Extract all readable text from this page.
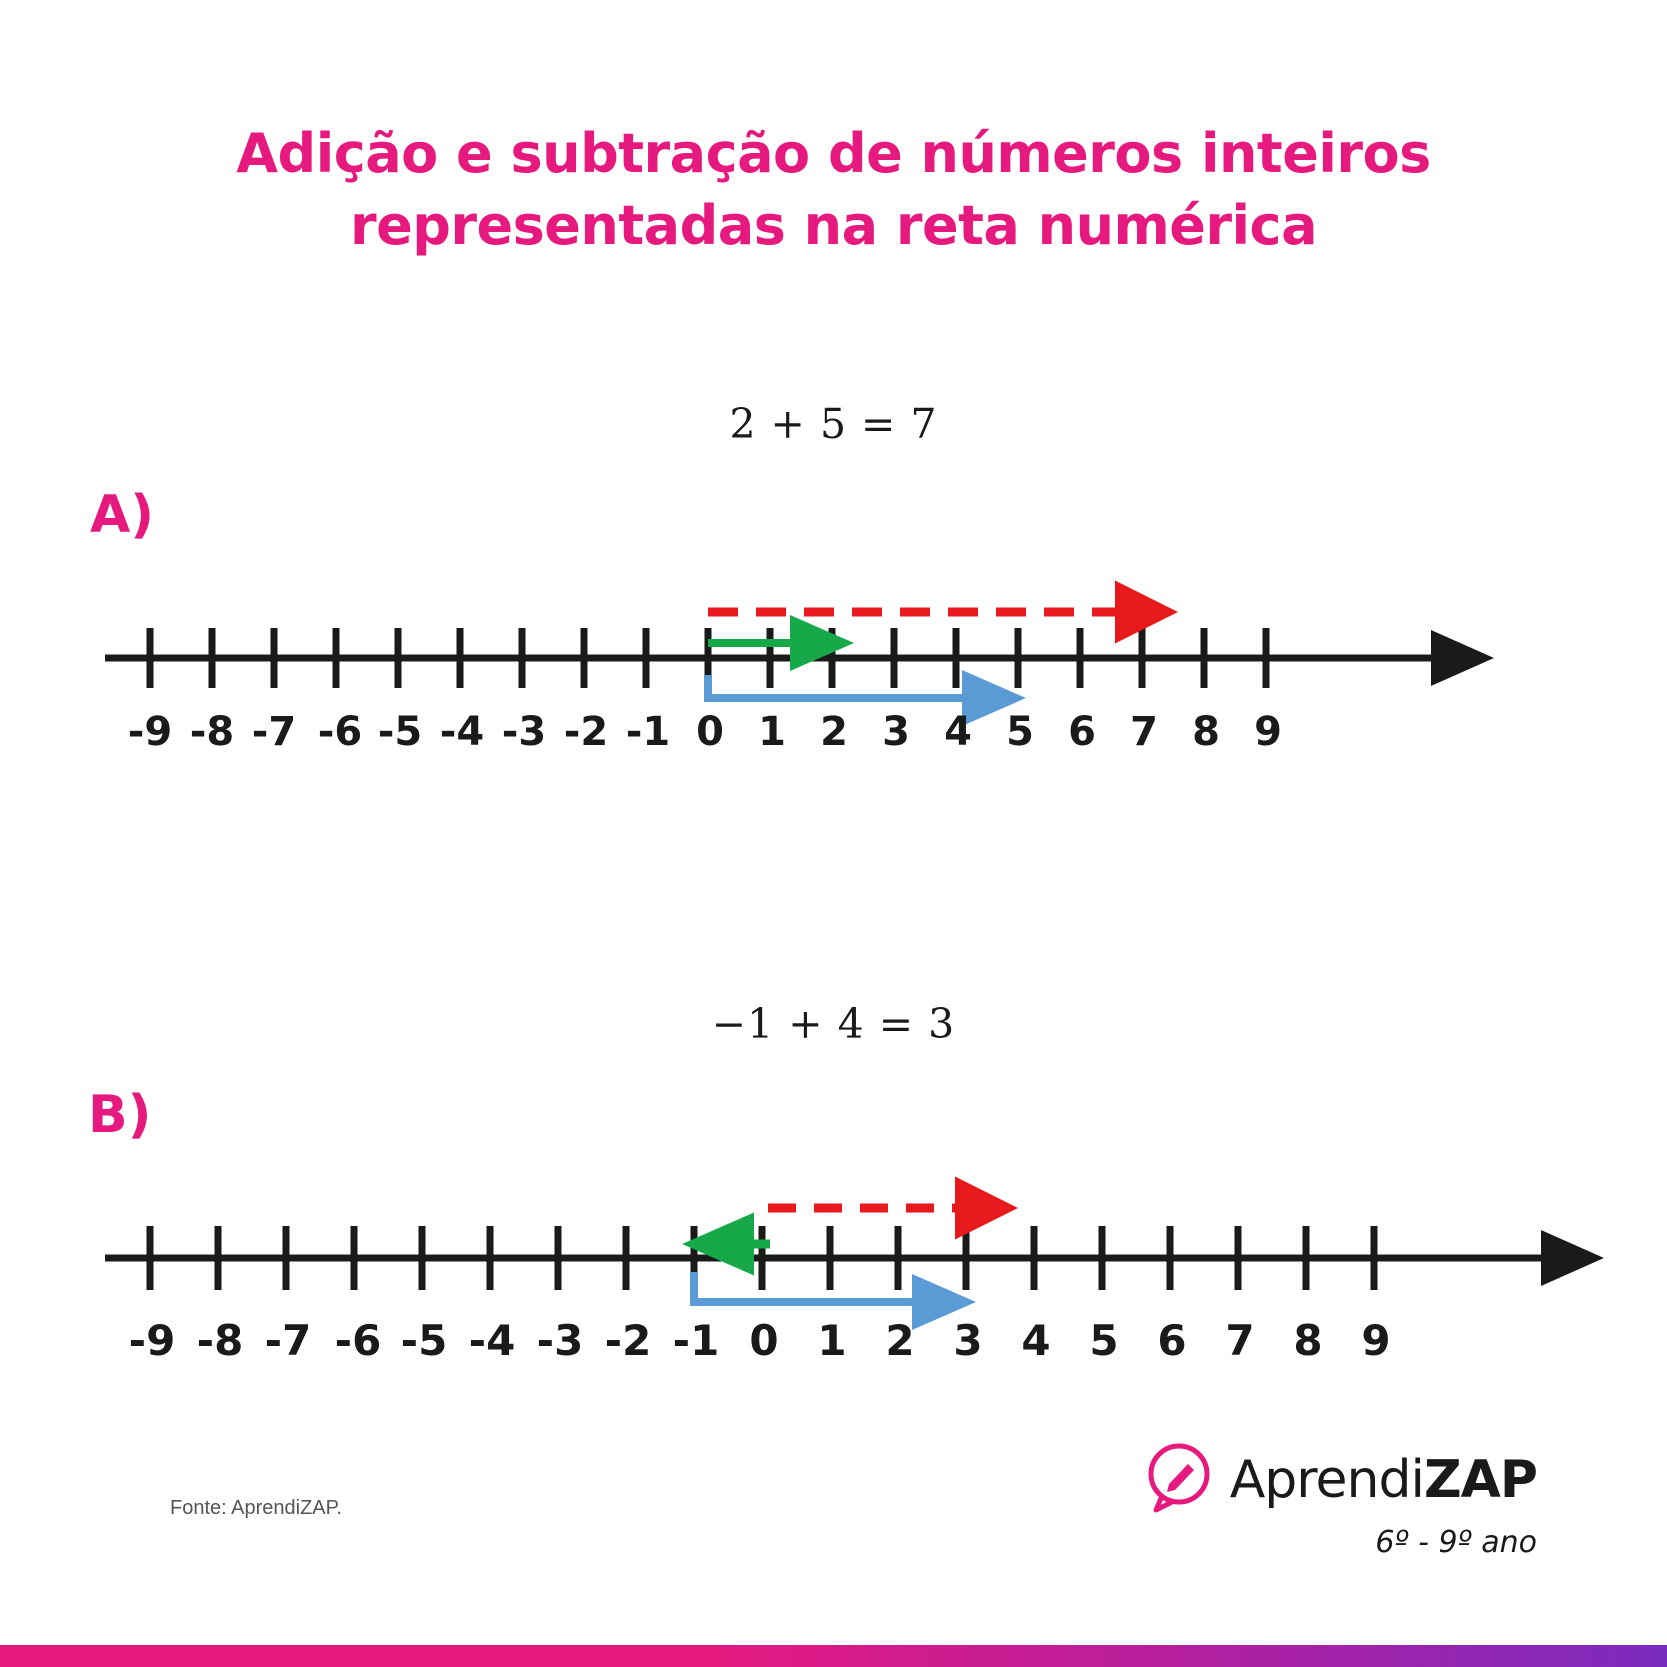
Adição e subtração de números inteiros
representadas na reta numérica
2 + 5 = 7
A)
-9 -8 -7 -6 -5 -4 -3 -2 -1 0 1 2 3 4 5 6 7 8 9
−1 + 4 = 3
B)
-9 -8 -7 -6 -5 -4 -3 -2 -1 0 1 2 3 4 5 6 7 8 9
Fonte: AprendiZAP.	AprendiZAP
6º - 9º ano
